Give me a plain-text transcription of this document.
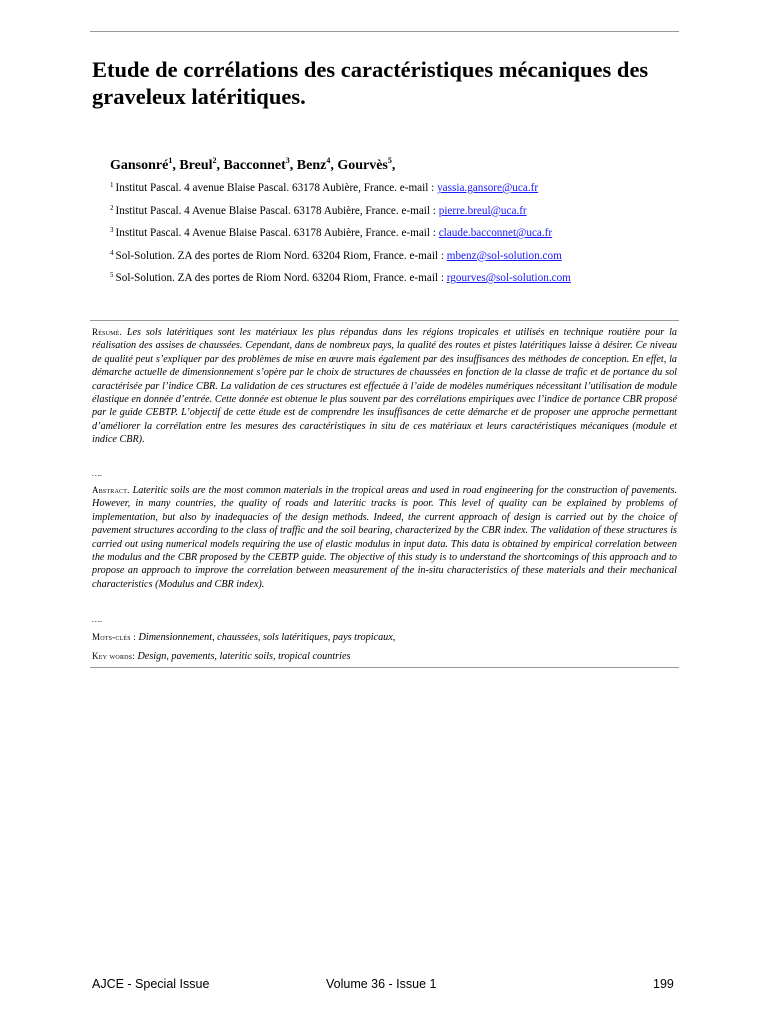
Etude de corrélations des caractéristiques mécaniques des graveleux latéritiques.
Gansonré$^1$, Breul$^2$, Bacconnet$^3$, Benz$^4$, Gourvès$^5$,
$^1$ Institut Pascal. 4 avenue Blaise Pascal. 63178 Aubière, France. e-mail : yassia.gansore@uca.fr
$^2$ Institut Pascal. 4 Avenue Blaise Pascal. 63178 Aubière, France. e-mail : pierre.breul@uca.fr
$^3$ Institut Pascal. 4 Avenue Blaise Pascal. 63178 Aubière, France. e-mail : claude.bacconnet@uca.fr
$^4$ Sol-Solution. ZA des portes de Riom Nord. 63204 Riom, France. e-mail : mbenz@sol-solution.com
$^5$ Sol-Solution. ZA des portes de Riom Nord. 63204 Riom, France. e-mail : rgourves@sol-solution.com

Résumé. Les sols latéritiques sont les matériaux les plus répandus dans les régions tropicales et utilisés en technique routière pour la réalisation des assises de chaussées. Cependant, dans de nombreux pays, la qualité des routes et pistes latéritiques laisse à désirer. Ce niveau de qualité peut s’expliquer par des problèmes de mise en œuvre mais également par des insuffisances des méthodes de conception. En effet, la démarche actuelle de dimensionnement s’opère par le choix de structures de chaussées en fonction de la classe de trafic et de portance du sol caractérisée par l’indice CBR. La validation de ces structures est effectuée à l’aide de modèles numériques nécessitant l’utilisation de module élastique en donnée d’entrée. Cette donnée est obtenue le plus souvent par des corrélations empiriques avec l’indice de portance CBR proposé par le guide CEBTP. L’objectif de cette étude est de comprendre les insuffisances de cette démarche et de proposer une approche permettant d’améliorer la corrélation entre les mesures des caractéristiques in situ de ces matériaux et leurs caractéristiques mécaniques (module et indice CBR).

….

Abstract. Lateritic soils are the most common materials in the tropical areas and used in road engineering for the construction of pavements. However, in many countries, the quality of roads and lateritic tracks is poor. This level of quality can be explained by problems of implementation, but also by inadequacies of the design methods. Indeed, the current approach of design is carried out by the choice of pavement structures according to the class of traffic and the soil bearing, characterized by the CBR index. The validation of these structures is carried out using numerical models requiring the use of elastic modulus in input data. This data is obtained by empirical correlation between the modulus and the CBR proposed by the CEBTP guide. The objective of this study is to understand the shortcomings of this approach and to propose an approach to improve the correlation between measurement of the in-situ characteristics of these materials and their mechanical characteristics (Modulus and CBR index).

….

Mots-clés : Dimensionnement, chaussées, sols latéritiques, pays tropicaux,

Key words: Design, pavements, lateritic soils, tropical countries

AJCE - Special Issue	Volume 36 - Issue 1	199
